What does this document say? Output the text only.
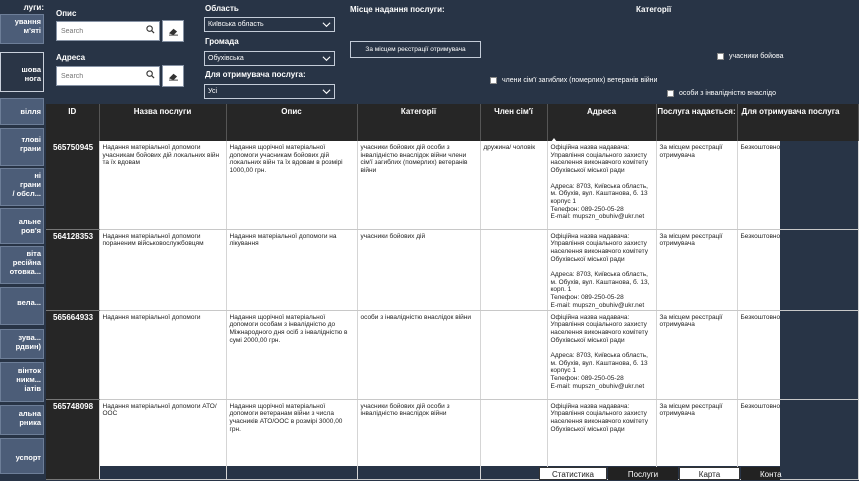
луги:
ування
м'яті
шова
нога
вілля
тлові
грани
ні
грани
/ обсл...
альне
ров'я
віта
ресійна
отовка...
вела...
зува...
рдвин)
вінток
никм...
іатів
альна
рника
успорт
Опис
Search
Адреса
Search
Область
Київська область
Громада
Обухівська
Для отримувача послуга:
Усі
Місце надання послуги:
За місцем реєстрації отримувача
Категорії
учасники бойова
члени сім'ї загиблих (померлих) ветеранів війни
особи з інвалідністю внаслідо
ID	Назва послуги	Опис	Категорії	Член сім'ї	Адреса	Послуга надається:	Для отримувача послуга
565750945	Надання матеріальної допомоги учасникам бойових дій локальних війн та їх вдовам	Надання щорічної матеріальної допомоги учасникам бойових дій локальних війн та їх вдовам в розмірі 1000,00 грн.	учасники бойових дій особи з інвалідністю внаслідок війни члени сім'ї загиблих (померлих) ветеранів війни	дружина/ чоловік	Офіційна назва надавача: Управління соціального захисту населення виконавчого комітету Обухівської міської ради

Адреса: 8703, Київська область, м. Обухів, вул. Каштанова, б. 13 корпус 1
Телефон: 089-250-05-28
E-mail: mupszn_obuhiv@ukr.net	За місцем реєстрації отримувача	Безкоштовно
564128353	Надання матеріальної допомоги пораненим військовослужбовцям	Надання матеріальної допомоги на лікування	учасники бойових дій		Офіційна назва надавача: Управління соціального захисту населення виконавчого комітету Обухівської міської ради

Адреса: 8703, Київська область, м. Обухів, вул. Каштанова, б. 13, корп. 1
Телефон: 089-250-05-28
E-mail: mupszn_obuhiv@ukr.net	За місцем реєстрації отримувача	Безкоштовно
565664933	Надання матеріальної допомоги	Надання щорічної матеріальної допомоги особам з інвалідністю до Міжнародного дня осіб з інвалідністю в сумі 2000,00 грн.	особи з інвалідністю внаслідок війни		Офіційна назва надавача: Управління соціального захисту населення виконавчого комітету Обухівської міської ради

Адреса: 8703, Київська область, м. Обухів, вул. Каштанова, б. 13 корпус 1
Телефон: 089-250-05-28
E-mail: mupszn_obuhiv@ukr.net	За місцем реєстрації отримувача	Безкоштовно
565748098	Надання матеріальної допомоги АТО/ООС	Надання щорічної матеріальної допомоги ветеранам війни з числа учасників АТО/ООС в розмірі 3000,00 грн.	учасники бойових дій особи з інвалідністю внаслідок війни		Офіційна назва надавача: Управління соціального захисту населення виконавчого комітету Обухівської міської ради	За місцем реєстрації отримувача	Безкоштовно
Статистика	Послуги	Карта	Конта
